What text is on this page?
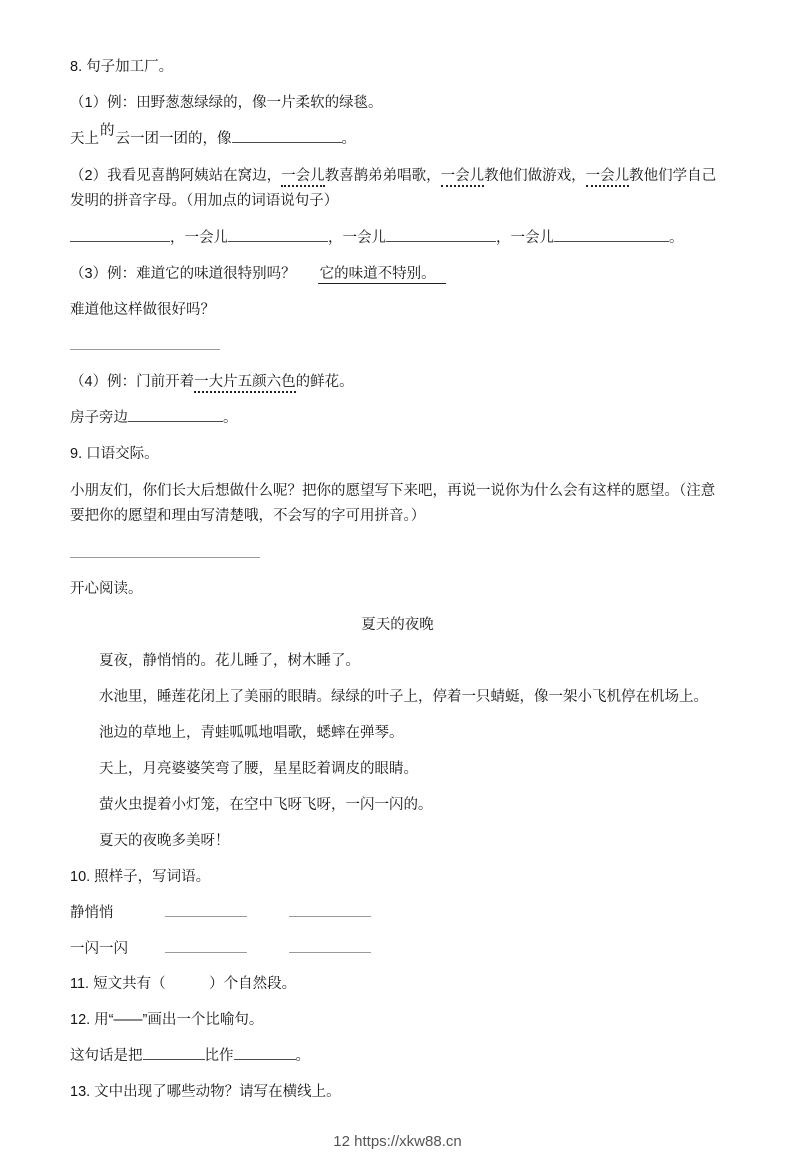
8. 句子加工厂。
（1）例：田野葱葱绿绿的，像一片柔软的绿毯。
天上的云一团一团的，像	。
（2）我看见喜鹊阿姨站在窝边，一会儿教喜鹊弟弟唱歌，一会儿教他们做游戏，一会儿教他们学自己发明的拼音字母。（用加点的词语说句子）
，一会儿	，一会儿	，一会儿	。
（3）例：难道它的味道很特别吗？ 它的味道不特别。
难道他这样做很好吗？
（4）例：门前开着一大片五颜六色的鲜花。
房子旁边	。
9. 口语交际。
小朋友们，你们长大后想做什么呢？把你的愿望写下来吧，再说一说你为什么会有这样的愿望。（注意要把你的愿望和理由写清楚哦，不会写的字可用拼音。）
开心阅读。
夏天的夜晚

夏夜，静悄悄的。花儿睡了，树木睡了。

水池里，睡莲花闭上了美丽的眼睛。绿绿的叶子上，停着一只蜻蜓，像一架小飞机停在机场上。

池边的草地上，青蛙呱呱地唱歌，蟋蟀在弹琴。

天上，月亮婆婆笑弯了腰，星星眨着调皮的眼睛。

萤火虫提着小灯笼，在空中飞呀飞呀，一闪一闪的。

夏天的夜晚多美呀！

10. 照样子，写词语。
静悄悄
一闪一闪
11. 短文共有（　　　）个自然段。
12. 用“——”画出一个比喻句。
这句话是把	比作	。
13. 文中出现了哪些动物？请写在横线上。
12 https://xkw88.cn
